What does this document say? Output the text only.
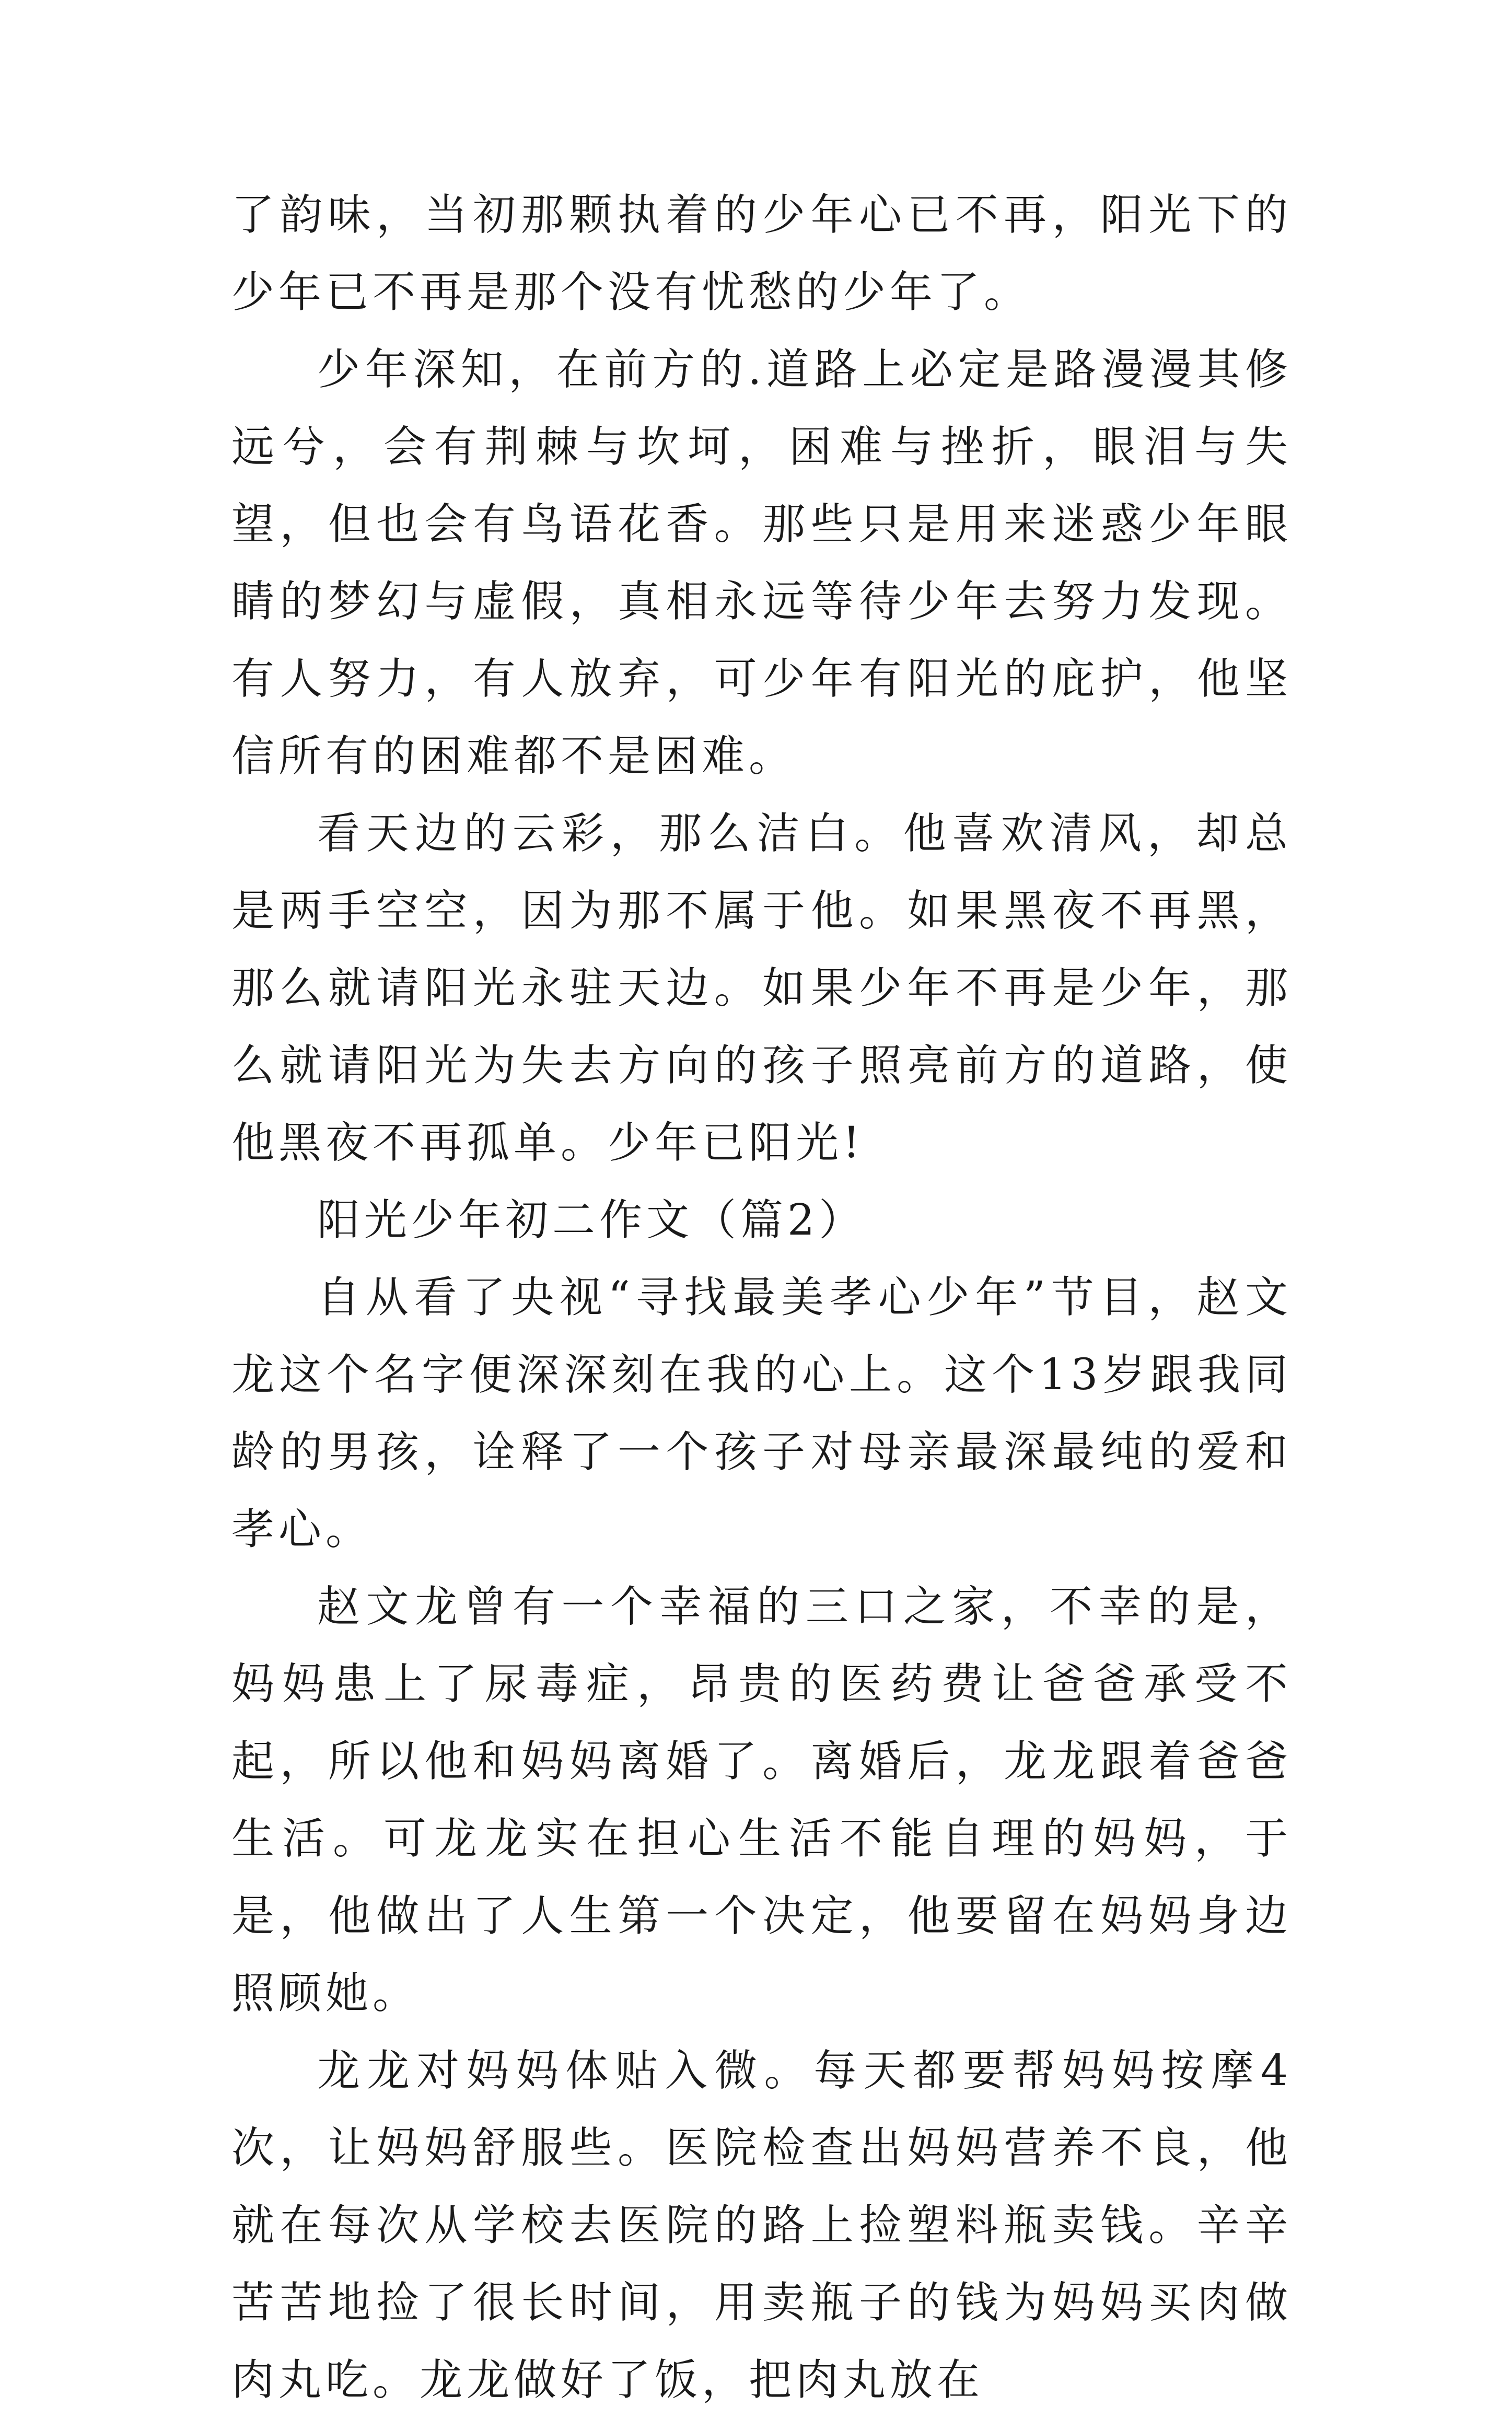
了韵味，当初那颗执着的少年心已不再，阳光下的少年已不再是那个没有忧愁的少年了。

少年深知，在前方的.道路上必定是路漫漫其修远兮，会有荆棘与坎坷，困难与挫折，眼泪与失望，但也会有鸟语花香。那些只是用来迷惑少年眼睛的梦幻与虚假，真相永远等待少年去努力发现。有人努力，有人放弃，可少年有阳光的庇护，他坚信所有的困难都不是困难。

看天边的云彩，那么洁白。他喜欢清风，却总是两手空空，因为那不属于他。如果黑夜不再黑，那么就请阳光永驻天边。如果少年不再是少年，那么就请阳光为失去方向的孩子照亮前方的道路，使他黑夜不再孤单。少年已阳光!

阳光少年初二作文（篇2）

自从看了央视“寻找最美孝心少年”节目，赵文龙这个名字便深深刻在我的心上。这个13岁跟我同龄的男孩，诠释了一个孩子对母亲最深最纯的爱和孝心。

赵文龙曾有一个幸福的三口之家，不幸的是，妈妈患上了尿毒症，昂贵的医药费让爸爸承受不起，所以他和妈妈离婚了。离婚后，龙龙跟着爸爸生活。可龙龙实在担心生活不能自理的妈妈，于是，他做出了人生第一个决定，他要留在妈妈身边照顾她。

龙龙对妈妈体贴入微。每天都要帮妈妈按摩4次，让妈妈舒服些。医院检查出妈妈营养不良，他就在每次从学校去医院的路上捡塑料瓶卖钱。辛辛苦苦地捡了很长时间，用卖瓶子的钱为妈妈买肉做肉丸吃。龙龙做好了饭，把肉丸放在
